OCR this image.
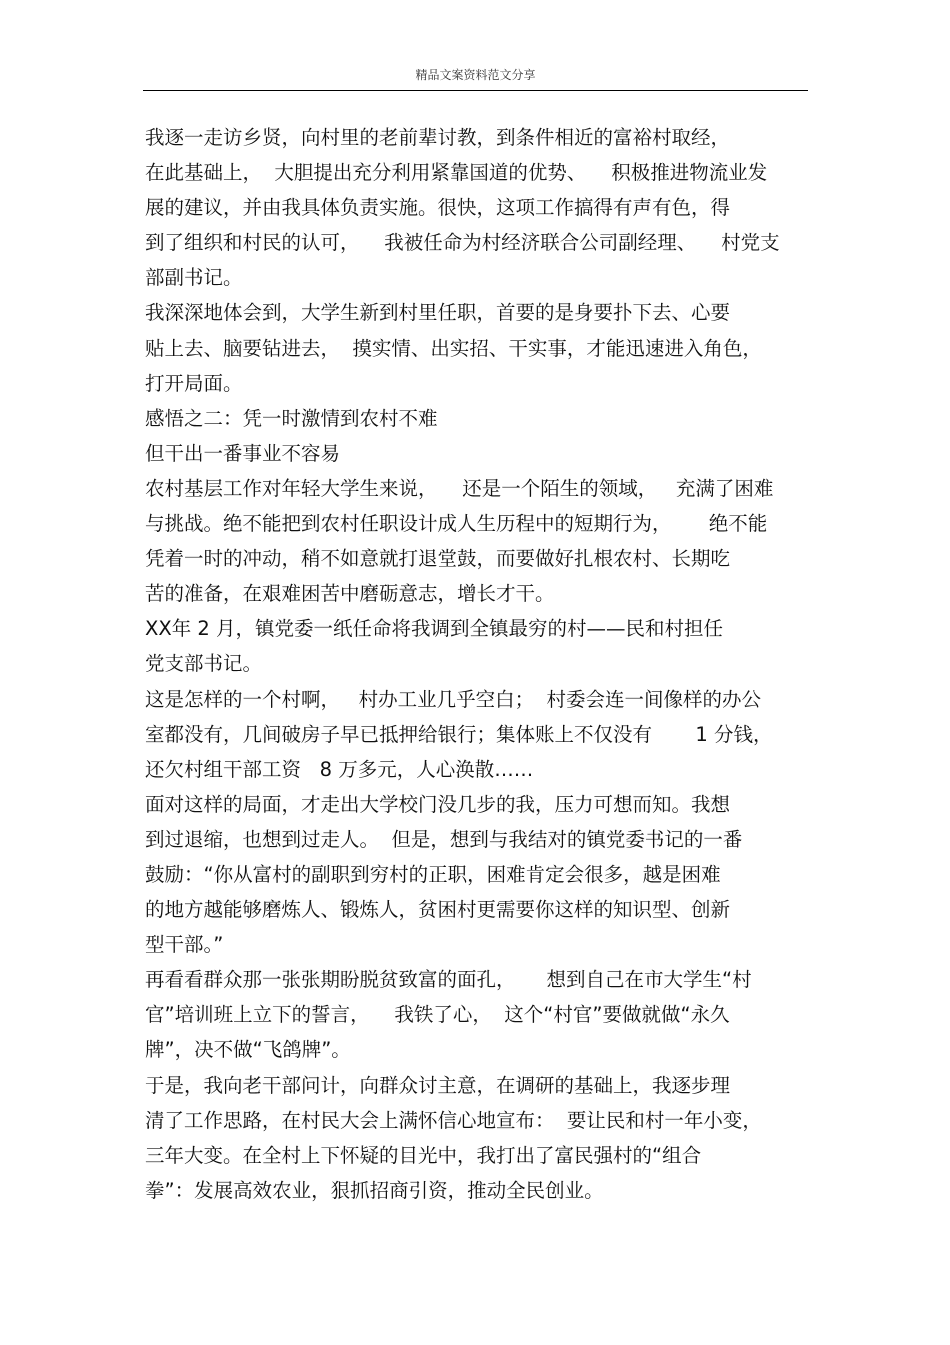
精品文案资料范文分享
我逐一走访乡贤，向村里的老前辈讨教，到条件相近的富裕村取经，
在此基础上，  大胆提出充分利用紧靠国道的优势、    积极推进物流业发
展的建议，并由我具体负责实施。很快，这项工作搞得有声有色，得
到了组织和村民的认可，    我被任命为村经济联合公司副经理、    村党支
部副书记。
我深深地体会到，大学生新到村里任职，首要的是身要扑下去、心要
贴上去、脑要钻进去，  摸实情、出实招、干实事，才能迅速进入角色，
打开局面。
感悟之二：凭一时激情到农村不难
但干出一番事业不容易
农村基层工作对年轻大学生来说，    还是一个陌生的领域，   充满了困难
与挑战。绝不能把到农村任职设计成人生历程中的短期行为，      绝不能
凭着一时的冲动，稍不如意就打退堂鼓，而要做好扎根农村、长期吃
苦的准备，在艰难困苦中磨砺意志，增长才干。
XX年 2 月，镇党委一纸任命将我调到全镇最穷的村——民和村担任
党支部书记。
这是怎样的一个村啊，   村办工业几乎空白；  村委会连一间像样的办公
室都没有，几间破房子早已抵押给银行；集体账上不仅没有       1 分钱，
还欠村组干部工资   8 万多元，人心涣散……
面对这样的局面，才走出大学校门没几步的我，压力可想而知。我想
到过退缩，也想到过走人。  但是，想到与我结对的镇党委书记的一番
鼓励：“你从富村的副职到穷村的正职，困难肯定会很多，越是困难
的地方越能够磨炼人、锻炼人，贫困村更需要你这样的知识型、创新
型干部。”
再看看群众那一张张期盼脱贫致富的面孔，     想到自己在市大学生“村
官”培训班上立下的誓言，    我铁了心，  这个“村官”要做就做“永久
牌”，决不做“飞鸽牌”。
于是，我向老干部问计，向群众讨主意，在调研的基础上，我逐步理
清了工作思路，在村民大会上满怀信心地宣布：  要让民和村一年小变，
三年大变。在全村上下怀疑的目光中，我打出了富民强村的“组合
拳”：发展高效农业，狠抓招商引资，推动全民创业。
